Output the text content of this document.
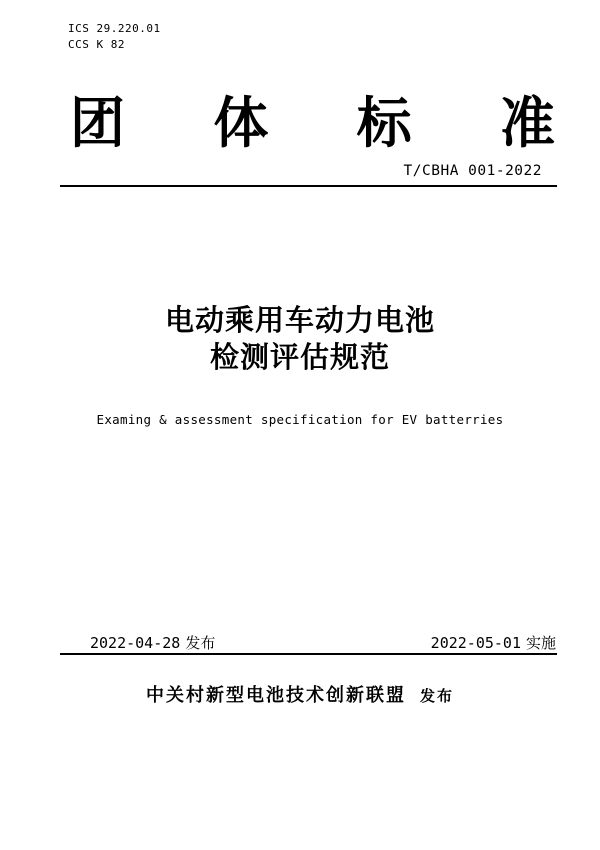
ICS 29.220.01
CCS K 82
团 体 标 准
T/CBHA 001-2022
电动乘用车动力电池
检测评估规范
Examing & assessment specification for EV batterries
2022-04-28 发布	2022-05-01 实施
中关村新型电池技术创新联盟 发布
